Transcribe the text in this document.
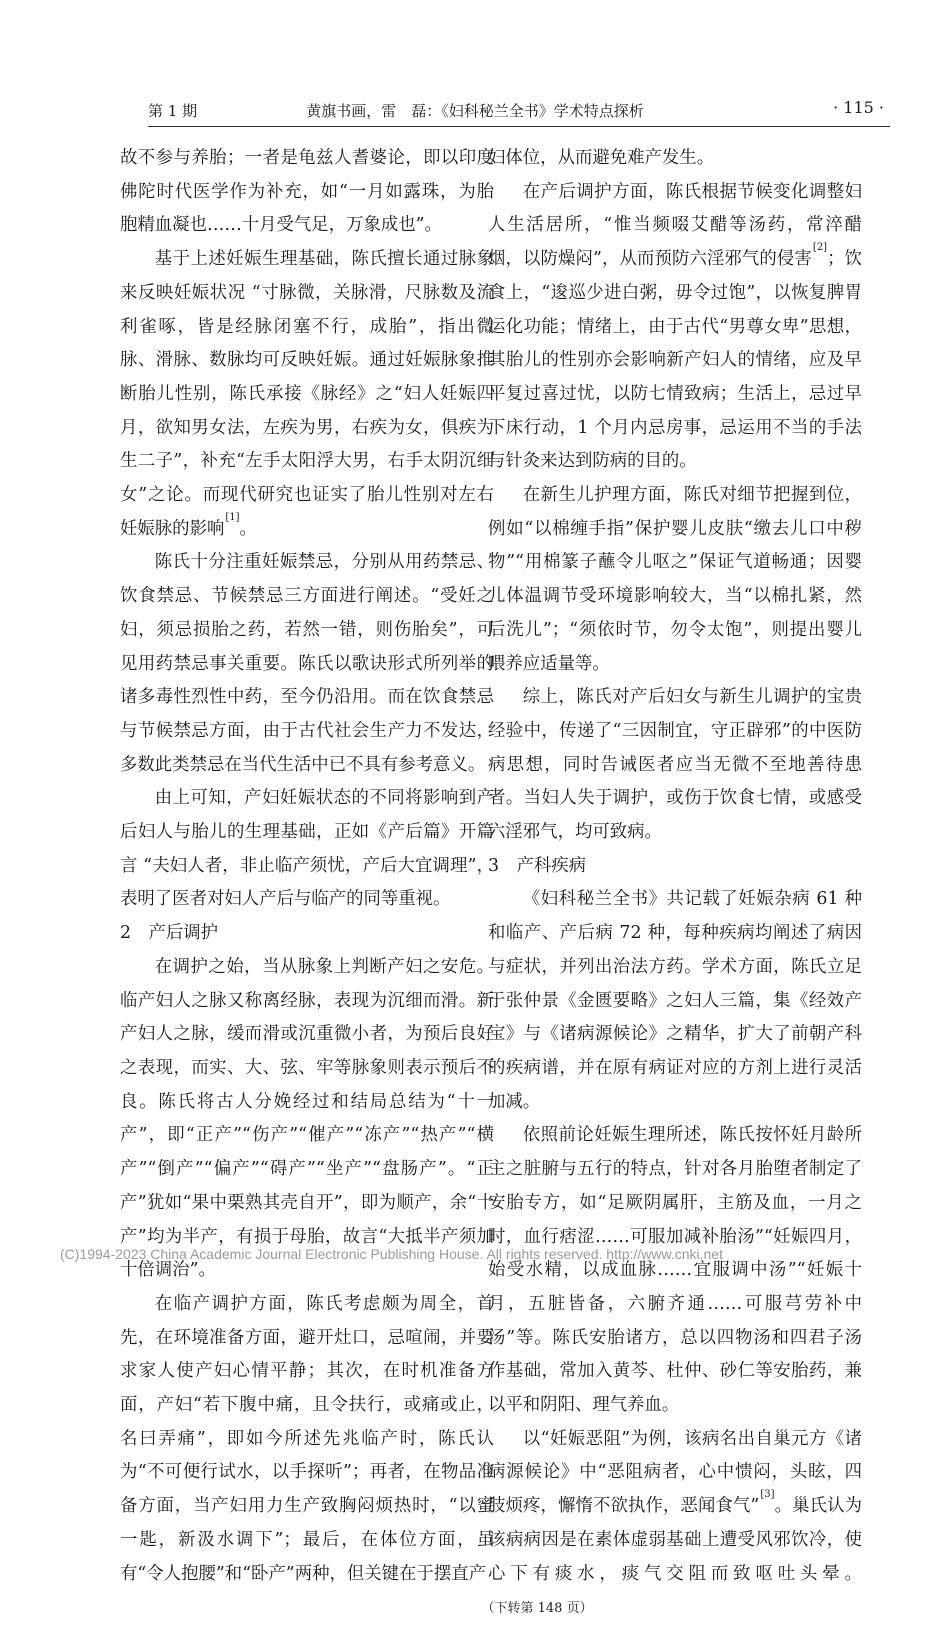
第 1 期	黄旗书画，雷　磊：《妇科秘兰全书》学术特点探析	· 115 ·

故不参与养胎；一者是龟兹人耆婆论，即以印度佛陀时代医学作为补充，如“一月如露珠，为胎胞精血凝也……十月受气足，万象成也”。

基于上述妊娠生理基础，陈氏擅长通过脉象来反映妊娠状况 “寸脉微，关脉滑，尺脉数及流利雀啄，皆是经脉闭塞不行，成胎”，指出微脉、滑脉、数脉均可反映妊娠。通过妊娠脉象推断胎儿性别，陈氏承接《脉经》之“妇人妊娠四月，欲知男女法，左疾为男，右疾为女，俱疾为生二子”，补充“左手太阳浮大男，右手太阴沉细女”之论。而现代研究也证实了胎儿性别对左右妊娠脉的影响[1]。

陈氏十分注重妊娠禁忌，分别从用药禁忌、饮食禁忌、节候禁忌三方面进行阐述。“受妊之妇，须忌损胎之药，若然一错，则伤胎矣”，可见用药禁忌事关重要。陈氏以歌诀形式所列举的诸多毒性烈性中药，至今仍沿用。而在饮食禁忌与节候禁忌方面，由于古代社会生产力不发达，多数此类禁忌在当代生活中已不具有参考意义。

由上可知，产妇妊娠状态的不同将影响到产后妇人与胎儿的生理基础，正如《产后篇》开篇言 “夫妇人者，非止临产须忧，产后大宜调理”，表明了医者对妇人产后与临产的同等重视。

2　产后调护

在调护之始，当从脉象上判断产妇之安危。临产妇人之脉又称离经脉，表现为沉细而滑。新产妇人之脉，缓而滑或沉重微小者，为预后良好之表现，而实、大、弦、牢等脉象则表示预后不良。陈氏将古人分娩经过和结局总结为“十一产”，即“正产”“伤产”“催产”“冻产”“热产”“横产”“倒产”“偏产”“碍产”“坐产”“盘肠产”。“正产”犹如“果中栗熟其壳自开”，即为顺产，余“十产”均为半产，有损于母胎，故言“大抵半产须加十倍调治”。

在临产调护方面，陈氏考虑颇为周全，首先，在环境准备方面，避开灶口，忌喧闹，并要求家人使产妇心情平静；其次，在时机准备方面，产妇“若下腹中痛，且令扶行，或痛或止，名曰弄痛”，即如今所述先兆临产时，陈氏认为“不可便行试水，以手探听”；再者，在物品准备方面，当产妇用力生产致胸闷烦热时，“以蜜一匙，新汲水调下”；最后，在体位方面，虽有“令人抱腰”和“卧产”两种，但关键在于摆直产

妇体位，从而避免难产发生。

在产后调护方面，陈氏根据节候变化调整妇人生活居所，“惟当频啜艾醋等汤药，常淬醋烟，以防燥闷”，从而预防六淫邪气的侵害[2]；饮食上，“逡巡少进白粥，毋令过饱”，以恢复脾胃运化功能；情绪上，由于古代“男尊女卑”思想，其胎儿的性别亦会影响新产妇人的情绪，应及早平复过喜过忧，以防七情致病；生活上，忌过早下床行动，1 个月内忌房事，忌运用不当的手法与针灸来达到防病的目的。

在新生儿护理方面，陈氏对细节把握到位，例如“以棉缠手指”保护婴儿皮肤“缴去儿口中秽物”“用棉篆子蘸令儿呕之”保证气道畅通；因婴儿体温调节受环境影响较大，当“以棉扎紧，然后洗儿”；“须依时节，勿令太饱”，则提出婴儿喂养应适量等。

综上，陈氏对产后妇女与新生儿调护的宝贵经验中，传递了“三因制宜，守正辟邪”的中医防病思想，同时告诫医者应当无微不至地善待患者。当妇人失于调护，或伤于饮食七情，或感受六淫邪气，均可致病。

3　产科疾病

《妇科秘兰全书》共记载了妊娠杂病 61 种和临产、产后病 72 种，每种疾病均阐述了病因与症状，并列出治法方药。学术方面，陈氏立足于张仲景《金匮要略》之妇人三篇，集《经效产宝》与《诸病源候论》之精华，扩大了前朝产科的疾病谱，并在原有病证对应的方剂上进行灵活加减。

依照前论妊娠生理所述，陈氏按怀妊月龄所主之脏腑与五行的特点，针对各月胎堕者制定了安胎专方，如“足厥阴属肝，主筋及血，一月之时，血行痞涩……可服加减补胎汤”“妊娠四月，始受水精，以成血脉……宜服调中汤”“妊娠十月，五脏皆备，六腑齐通……可服芎劳补中汤”等。陈氏安胎诸方，总以四物汤和四君子汤作基础，常加入黄芩、杜仲、砂仁等安胎药，兼以平和阴阳、理气养血。

以“妊娠恶阻”为例，该病名出自巢元方《诸病源候论》中“恶阻病者，心中愦闷，头眩，四肢烦疼，懈惰不欲执作，恶闻食气”[3]。巢氏认为该病病因是在素体虚弱基础上遭受风邪饮冷，使心下有痰水，痰气交阻而致呕吐头晕。（下转第 148 页）

(C)1994-2023 China Academic Journal Electronic Publishing House. All rights reserved. http://www.cnki.net
